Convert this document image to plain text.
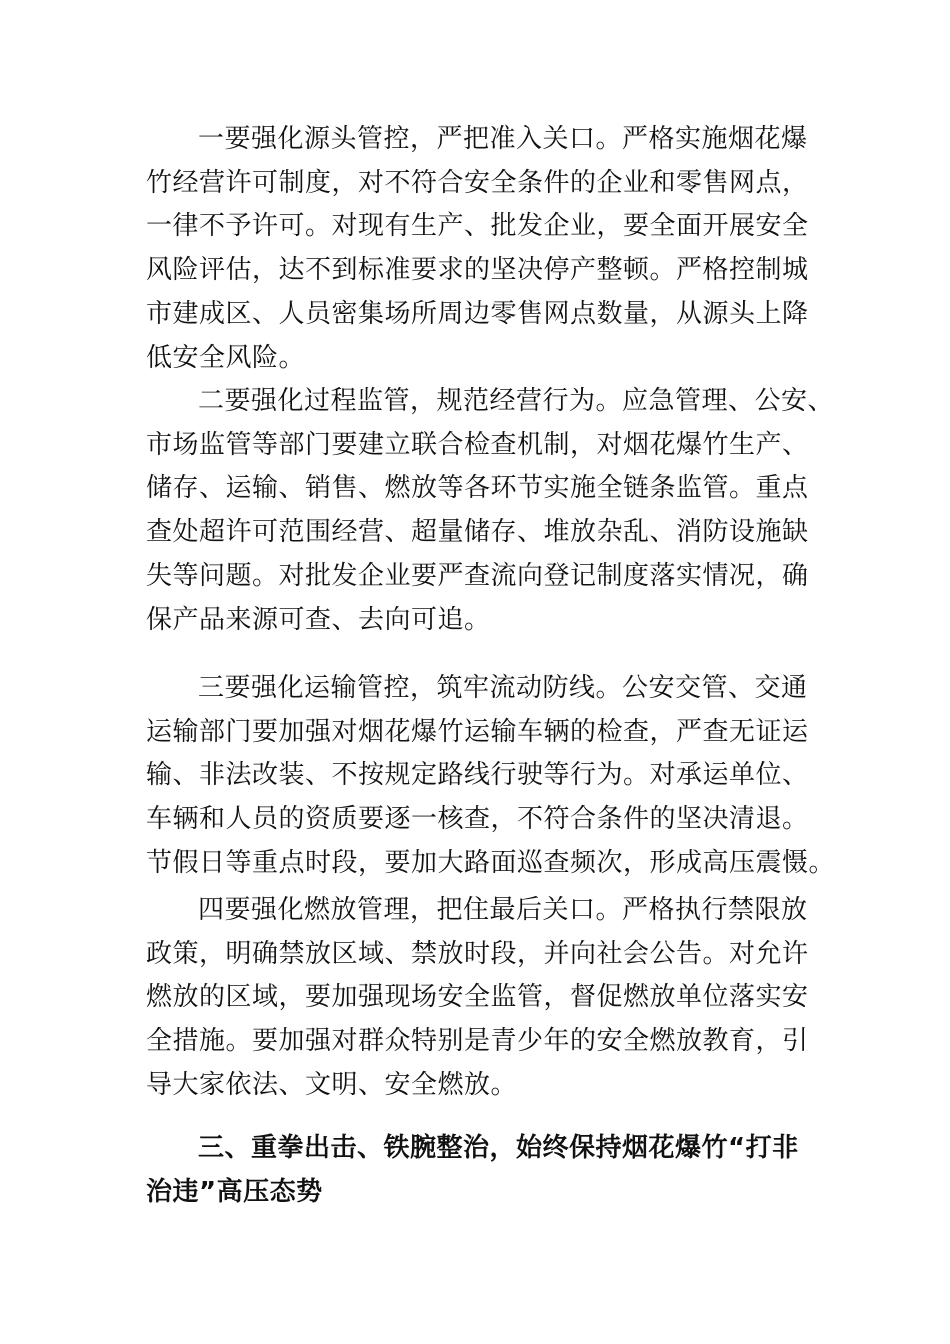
一要强化源头管控，严把准入关口。严格实施烟花爆
竹经营许可制度，对不符合安全条件的企业和零售网点，
一律不予许可。对现有生产、批发企业，要全面开展安全
风险评估，达不到标准要求的坚决停产整顿。严格控制城
市建成区、人员密集场所周边零售网点数量，从源头上降
低安全风险。
二要强化过程监管，规范经营行为。应急管理、公安、
市场监管等部门要建立联合检查机制，对烟花爆竹生产、
储存、运输、销售、燃放等各环节实施全链条监管。重点
查处超许可范围经营、超量储存、堆放杂乱、消防设施缺
失等问题。对批发企业要严查流向登记制度落实情况，确
保产品来源可查、去向可追。
三要强化运输管控，筑牢流动防线。公安交管、交通
运输部门要加强对烟花爆竹运输车辆的检查，严查无证运
输、非法改装、不按规定路线行驶等行为。对承运单位、
车辆和人员的资质要逐一核查，不符合条件的坚决清退。
节假日等重点时段，要加大路面巡查频次，形成高压震慑。
四要强化燃放管理，把住最后关口。严格执行禁限放
政策，明确禁放区域、禁放时段，并向社会公告。对允许
燃放的区域，要加强现场安全监管，督促燃放单位落实安
全措施。要加强对群众特别是青少年的安全燃放教育，引
导大家依法、文明、安全燃放。
三、重拳出击、铁腕整治，始终保持烟花爆竹“打非
治违”高压态势
